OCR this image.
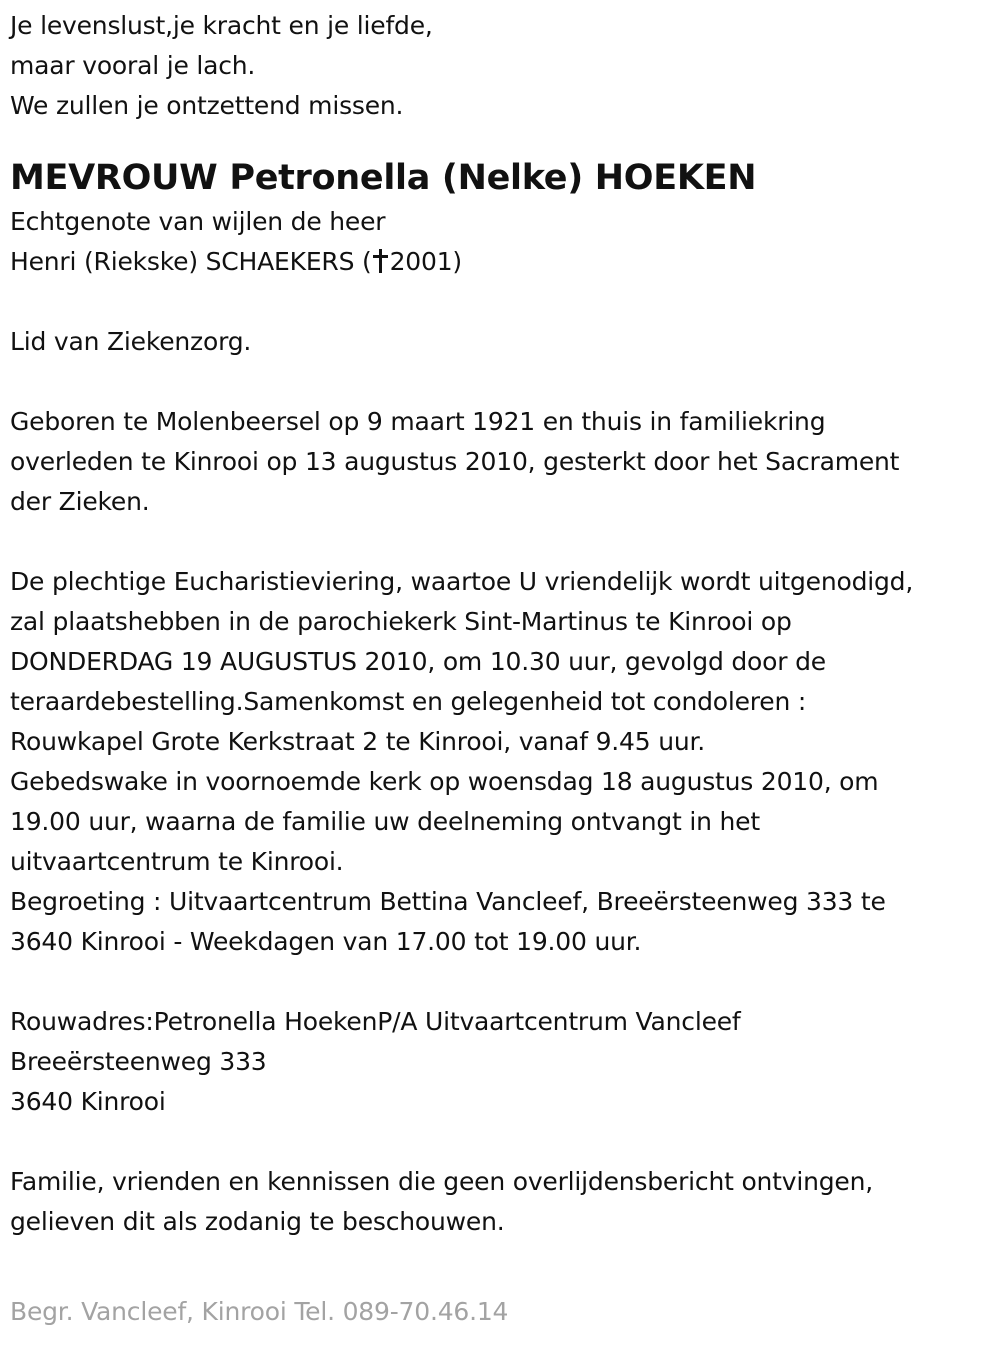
Je levenslust,je kracht en je liefde,
maar vooral je lach.
We zullen je ontzettend missen.
MEVROUW Petronella (Nelke) HOEKEN
Echtgenote van wijlen de heer
Henri (Riekske) SCHAEKERS ( 2001)
Lid van Ziekenzorg.
Geboren te Molenbeersel op 9 maart 1921 en thuis in familiekring
overleden te Kinrooi op 13 augustus 2010, gesterkt door het Sacrament
der Zieken.
De plechtige Eucharistieviering, waartoe U vriendelijk wordt uitgenodigd,
zal plaatshebben in de parochiekerk Sint-Martinus te Kinrooi op
DONDERDAG 19 AUGUSTUS 2010, om 10.30 uur, gevolgd door de
teraardebestelling.Samenkomst en gelegenheid tot condoleren :
Rouwkapel Grote Kerkstraat 2 te Kinrooi, vanaf 9.45 uur.
Gebedswake in voornoemde kerk op woensdag 18 augustus 2010, om
19.00 uur, waarna de familie uw deelneming ontvangt in het
uitvaartcentrum te Kinrooi.
Begroeting : Uitvaartcentrum Bettina Vancleef, Breeërsteenweg 333 te
3640 Kinrooi - Weekdagen van 17.00 tot 19.00 uur.
Rouwadres:Petronella HoekenP/A Uitvaartcentrum Vancleef
Breeërsteenweg 333
3640 Kinrooi
Familie, vrienden en kennissen die geen overlijdensbericht ontvingen,
gelieven dit als zodanig te beschouwen.
Begr. Vancleef, Kinrooi Tel. 089-70.46.14
